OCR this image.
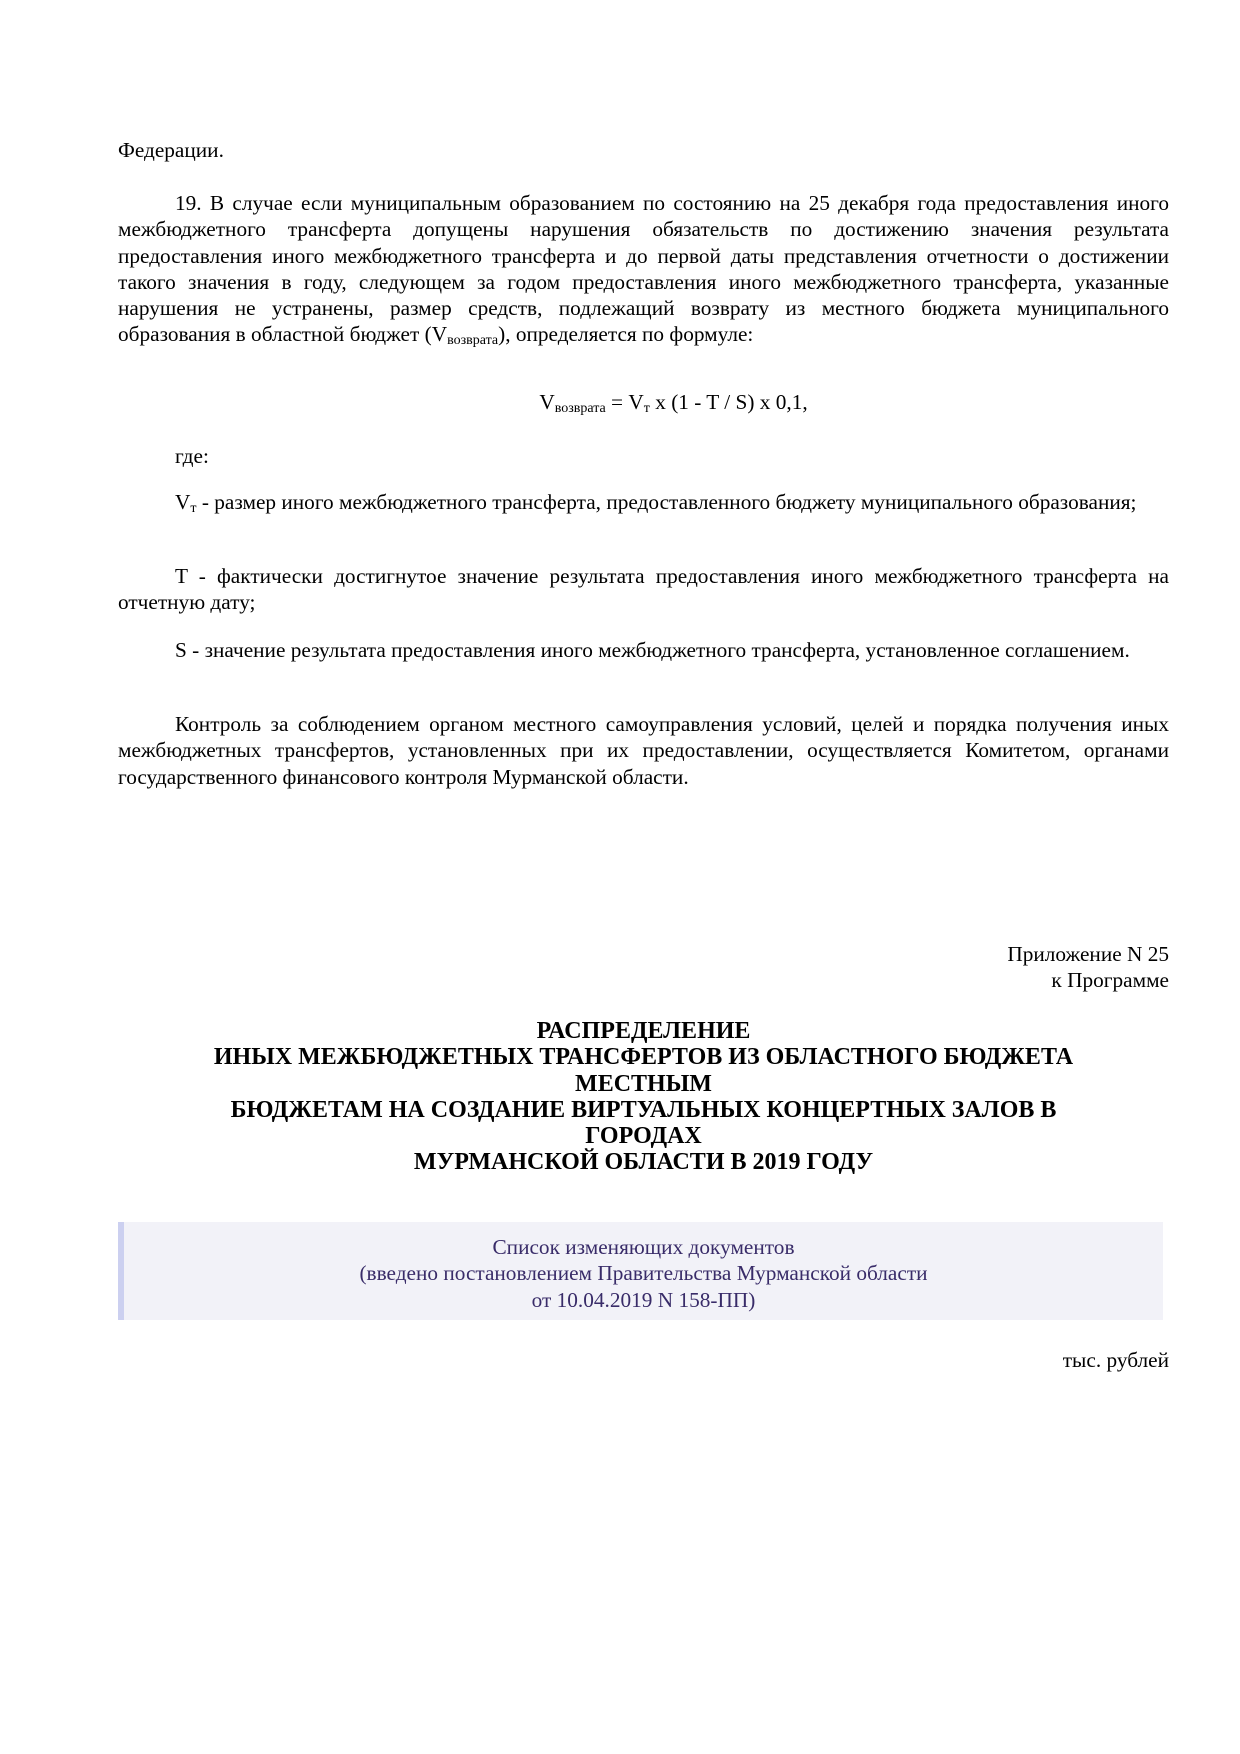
Федерации.

19. В случае если муниципальным образованием по состоянию на 25 декабря года предоставления иного межбюджетного трансферта допущены нарушения обязательств по достижению значения результата предоставления иного межбюджетного трансферта и до первой даты представления отчетности о достижении такого значения в году, следующем за годом предоставления иного межбюджетного трансферта, указанные нарушения не устранены, размер средств, подлежащий возврату из местного бюджета муниципального образования в областной бюджет $(V_{возврата})$, определяется по формуле:

$V_{возврата} = V_т$ x (1 - T / S) x 0,1,

где:

$V_т$ - размер иного межбюджетного трансферта, предоставленного бюджету муниципального образования;

T - фактически достигнутое значение результата предоставления иного межбюджетного трансферта на отчетную дату;

S - значение результата предоставления иного межбюджетного трансферта, установленное соглашением.

Контроль за соблюдением органом местного самоуправления условий, целей и порядка получения иных межбюджетных трансфертов, установленных при их предоставлении, осуществляется Комитетом, органами государственного финансового контроля Мурманской области.

Приложение N 25
к Программе
РАСПРЕДЕЛЕНИЕ
ИНЫХ МЕЖБЮДЖЕТНЫХ ТРАНСФЕРТОВ ИЗ ОБЛАСТНОГО БЮДЖЕТА
МЕСТНЫМ
БЮДЖЕТАМ НА СОЗДАНИЕ ВИРТУАЛЬНЫХ КОНЦЕРТНЫХ ЗАЛОВ В
ГОРОДАХ
МУРМАНСКОЙ ОБЛАСТИ В 2019 ГОДУ
Список изменяющих документов
(введено постановлением Правительства Мурманской области
от 10.04.2019 N 158-ПП)
тыс. рублей
